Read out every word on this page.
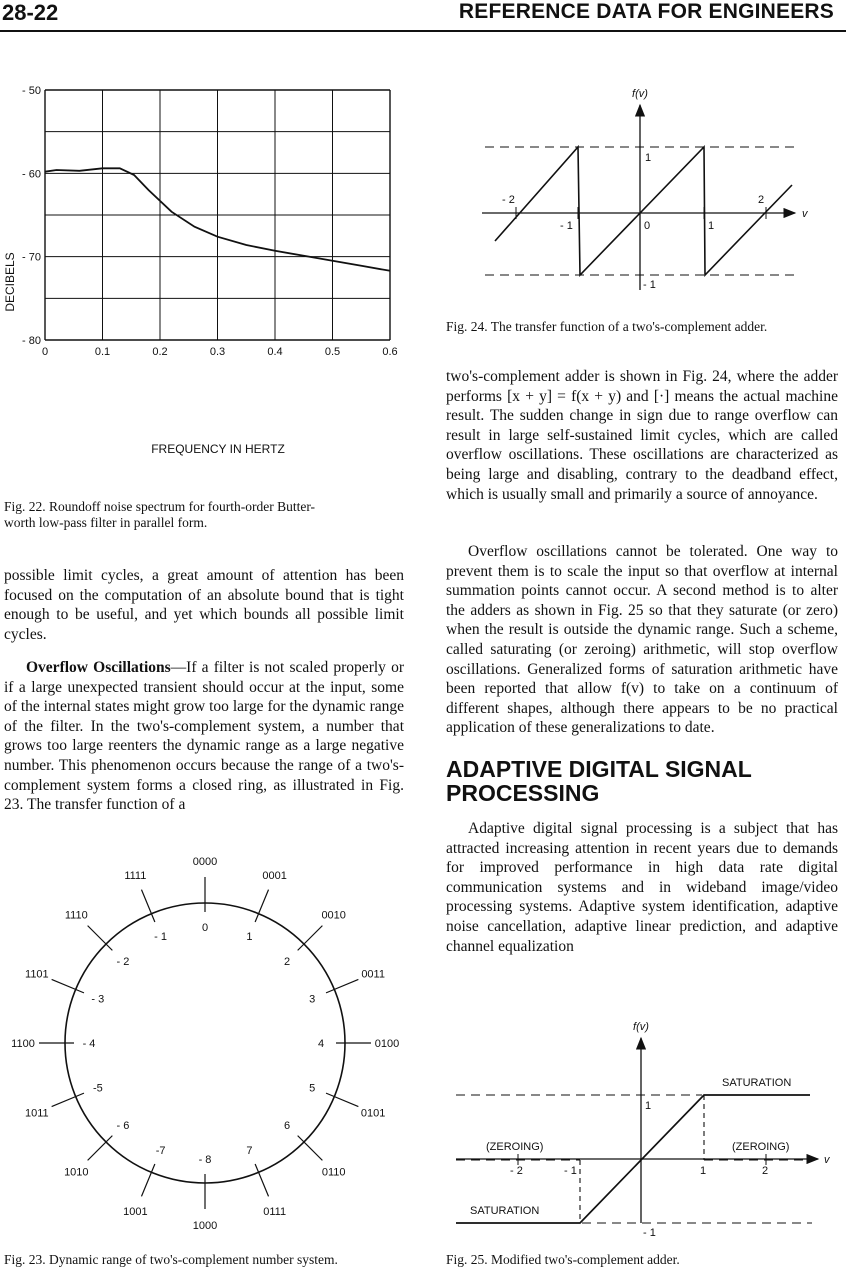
28-22	REFERENCE DATA FOR ENGINEERS
- 50
- 60
- 70
- 80
0	0.1	0.2	0.3	0.4	0.5	0.6
DECIBELS
FREQUENCY IN HERTZ
Fig. 22. Roundoff noise spectrum for fourth-order Butter-
worth low-pass filter in parallel form.

possible limit cycles, a great amount of attention has been focused on the computation of an absolute bound that is tight enough to be useful, and yet which bounds all possible limit cycles.

Overflow Oscillations—If a filter is not scaled properly or if a large unexpected transient should occur at the input, some of the internal states might grow too large for the dynamic range of the filter. In the two's-complement system, a number that grows too large reenters the dynamic range as a large negative number. This phenomenon occurs because the range of a two's-complement system forms a closed ring, as illustrated in Fig. 23. The transfer function of a

0000
0
0001
1
0010
2
0011
3
0100
4
0101
5
0110
6
0111
7
1000
- 8
1001
-7
1010
- 6
1011
-5
1100	- 4
1101
- 3
1110
- 2
1111
- 1
Fig. 23. Dynamic range of two's-complement number system.
f(v)
v
1
- 1
- 2	2
- 1	0	1
Fig. 24. The transfer function of a two's-complement adder.

two's-complement adder is shown in Fig. 24, where the adder performs [x + y] = f(x + y) and [·] means the actual machine result. The sudden change in sign due to range overflow can result in large self-sustained limit cycles, which are called overflow oscillations. These oscillations are characterized as being large and disabling, contrary to the deadband effect, which is usually small and primarily a source of annoyance.

Overflow oscillations cannot be tolerated. One way to prevent them is to scale the input so that overflow at internal summation points cannot occur. A second method is to alter the adders as shown in Fig. 25 so that they saturate (or zero) when the result is outside the dynamic range. Such a scheme, called saturating (or zeroing) arithmetic, will stop overflow oscillations. Generalized forms of saturation arithmetic have been reported that allow f(v) to take on a continuum of different shapes, although there appears to be no practical application of these generalizations to date.

ADAPTIVE DIGITAL SIGNAL PROCESSING

Adaptive digital signal processing is a subject that has attracted increasing attention in recent years due to demands for improved performance in high data rate digital communication systems and in wideband image/video processing systems. Adaptive system identification, adaptive noise cancellation, adaptive linear prediction, and adaptive channel equalization

f(v)
v
SATURATION
SATURATION
(ZEROING)	(ZEROING)
1
- 1
- 2	- 1	1	2
Fig. 25. Modified two's-complement adder.
